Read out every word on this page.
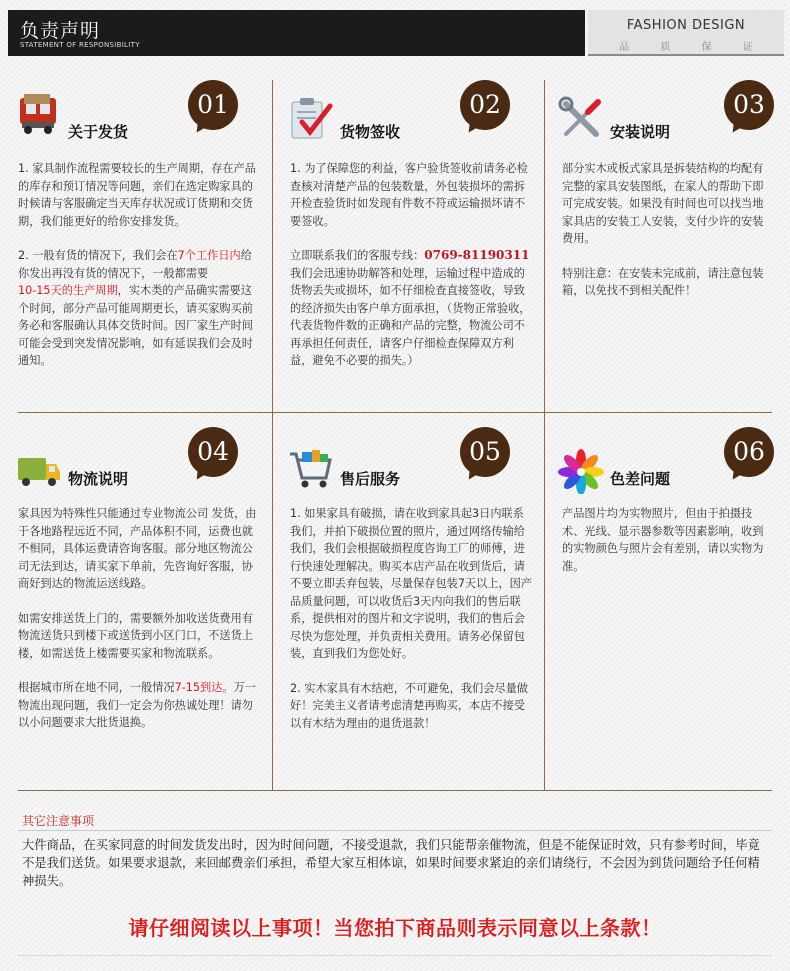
负责声明
STATEMENT OF RESPONSIBILITY
FASHION DESIGN
品 质 保 证
关于发货
01

1. 家具制作流程需要较长的生产周期，存在产品的库存和预订情况等问题，亲们在选定购家具的时候请与客服确定当天库存状况或订货期和交货期，我们能更好的给你安排发货。

2. 一般有货的情况下，我们会在7个工作日内给你发出再没有货的情况下，一般都需要
10-15天的生产周期，实木类的产品确实需要这个时间，部分产品可能周期更长，请买家购买前务必和客服确认具体交货时间。因厂家生产时间可能会受到突发情况影响，如有延误我们会及时通知。

货物签收
02

1. 为了保障您的利益，客户验货签收前请务必检查核对清楚产品的包装数量，外包装损坏的需拆开检查验货时如发现有件数不符或运输损坏请不要签收。

立即联系我们的客服专线：0769-81190311
我们会迅速协助解答和处理，运输过程中造成的货物丢失或损坏，如不仔细检查直接签收，导致的经济损失由客户单方面承担，（货物正常验收，代表货物件数的正确和产品的完整，物流公司不再承担任何责任，请客户仔细检查保障双方利益，避免不必要的损失。）

安装说明
03

部分实木或板式家具是拆装结构的均配有完整的家具安装图纸，在家人的帮助下即可完成安装。如果没有时间也可以找当地家具店的安装工人安装，支付少许的安装费用。

特别注意：在安装未完成前，请注意包装箱，以免找不到相关配件！

物流说明
04

家具因为特殊性只能通过专业物流公司 发货，由于各地路程远近不同，产品体积不同，运费也就不相同，具体运费请咨询客服。部分地区物流公司无法到达，请买家下单前，先咨询好客服，协商好到达的物流运送线路。

如需安排送货上门的，需要额外加收送货费用有物流送货只到楼下或送货到小区门口，不送货上楼，如需送货上楼需要买家和物流联系。

根据城市所在地不同，一般情况7-15到达。万一物流出现问题，我们一定会为你热诚处理！请勿以小问题要求大批货退换。

售后服务
05

1. 如果家具有破损，请在收到家具起3日内联系我们，并拍下破损位置的照片，通过网络传输给我们，我们会根据破损程度咨询工厂的师傅，进行快速处理解决。购买本店产品在收到货后，请不要立即丢弃包装，尽量保存包装7天以上，因产品质量问题，可以收货后3天内向我们的售后联系，提供相对的图片和文字说明，我们的售后会尽快为您处理，并负责相关费用。请务必保留包装，直到我们为您处好。

2. 实木家具有木结疤，不可避免，我们会尽量做好！完美主义者请考虑清楚再购买，本店不接受以有木结为理由的退货退款！

色差问题
06

产品图片均为实物照片，但由于拍摄技术、光线、显示器参数等因素影响，收到的实物颜色与照片会有差别，请以实物为准。

其它注意事项
大件商品，在买家同意的时间发货发出时，因为时间问题，不接受退款，我们只能帮亲催物流，但是不能保证时效，只有参考时间，毕竟不是我们送货。如果要求退款，来回邮费亲们承担，希望大家互相体谅，如果时间要求紧迫的亲们请绕行，不会因为到货问题给予任何精神损失。
请仔细阅读以上事项！当您拍下商品则表示同意以上条款！
